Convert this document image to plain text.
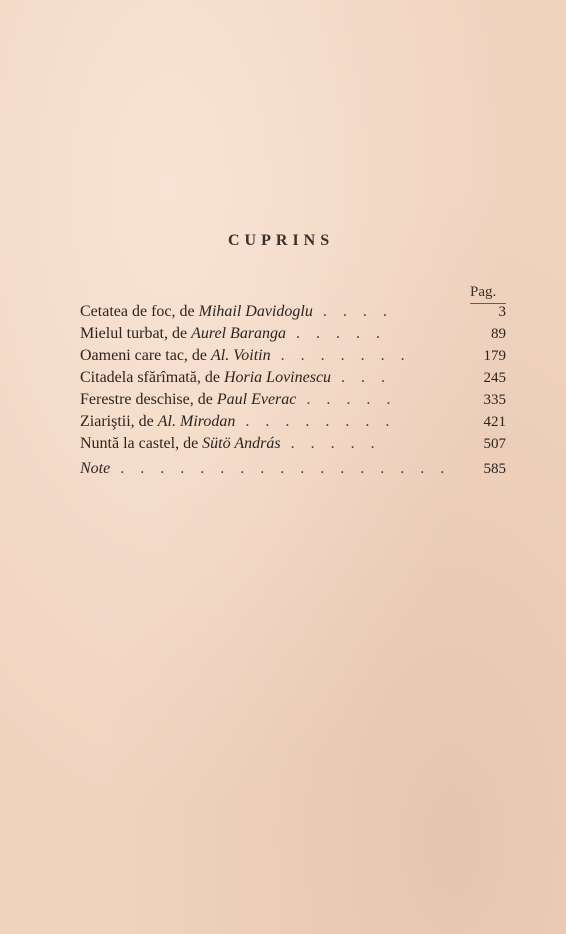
CUPRINS
Pag.
Cetatea de foc, de Mihail Davidoglu . . . .	3
Mielul turbat, de Aurel Baranga . . . . .	89
Oameni care tac, de Al. Voitin . . . . . . .	179
Citadela sfărîmată, de Horia Lovinescu . . .	245
Ferestre deschise, de Paul Everac . . . . .	335
Ziariştii, de Al. Mirodan . . . . . . . .	421
Nuntă la castel, de Sütö András . . . . .	507
Note . . . . . . . . . . . . . . . . .	585
